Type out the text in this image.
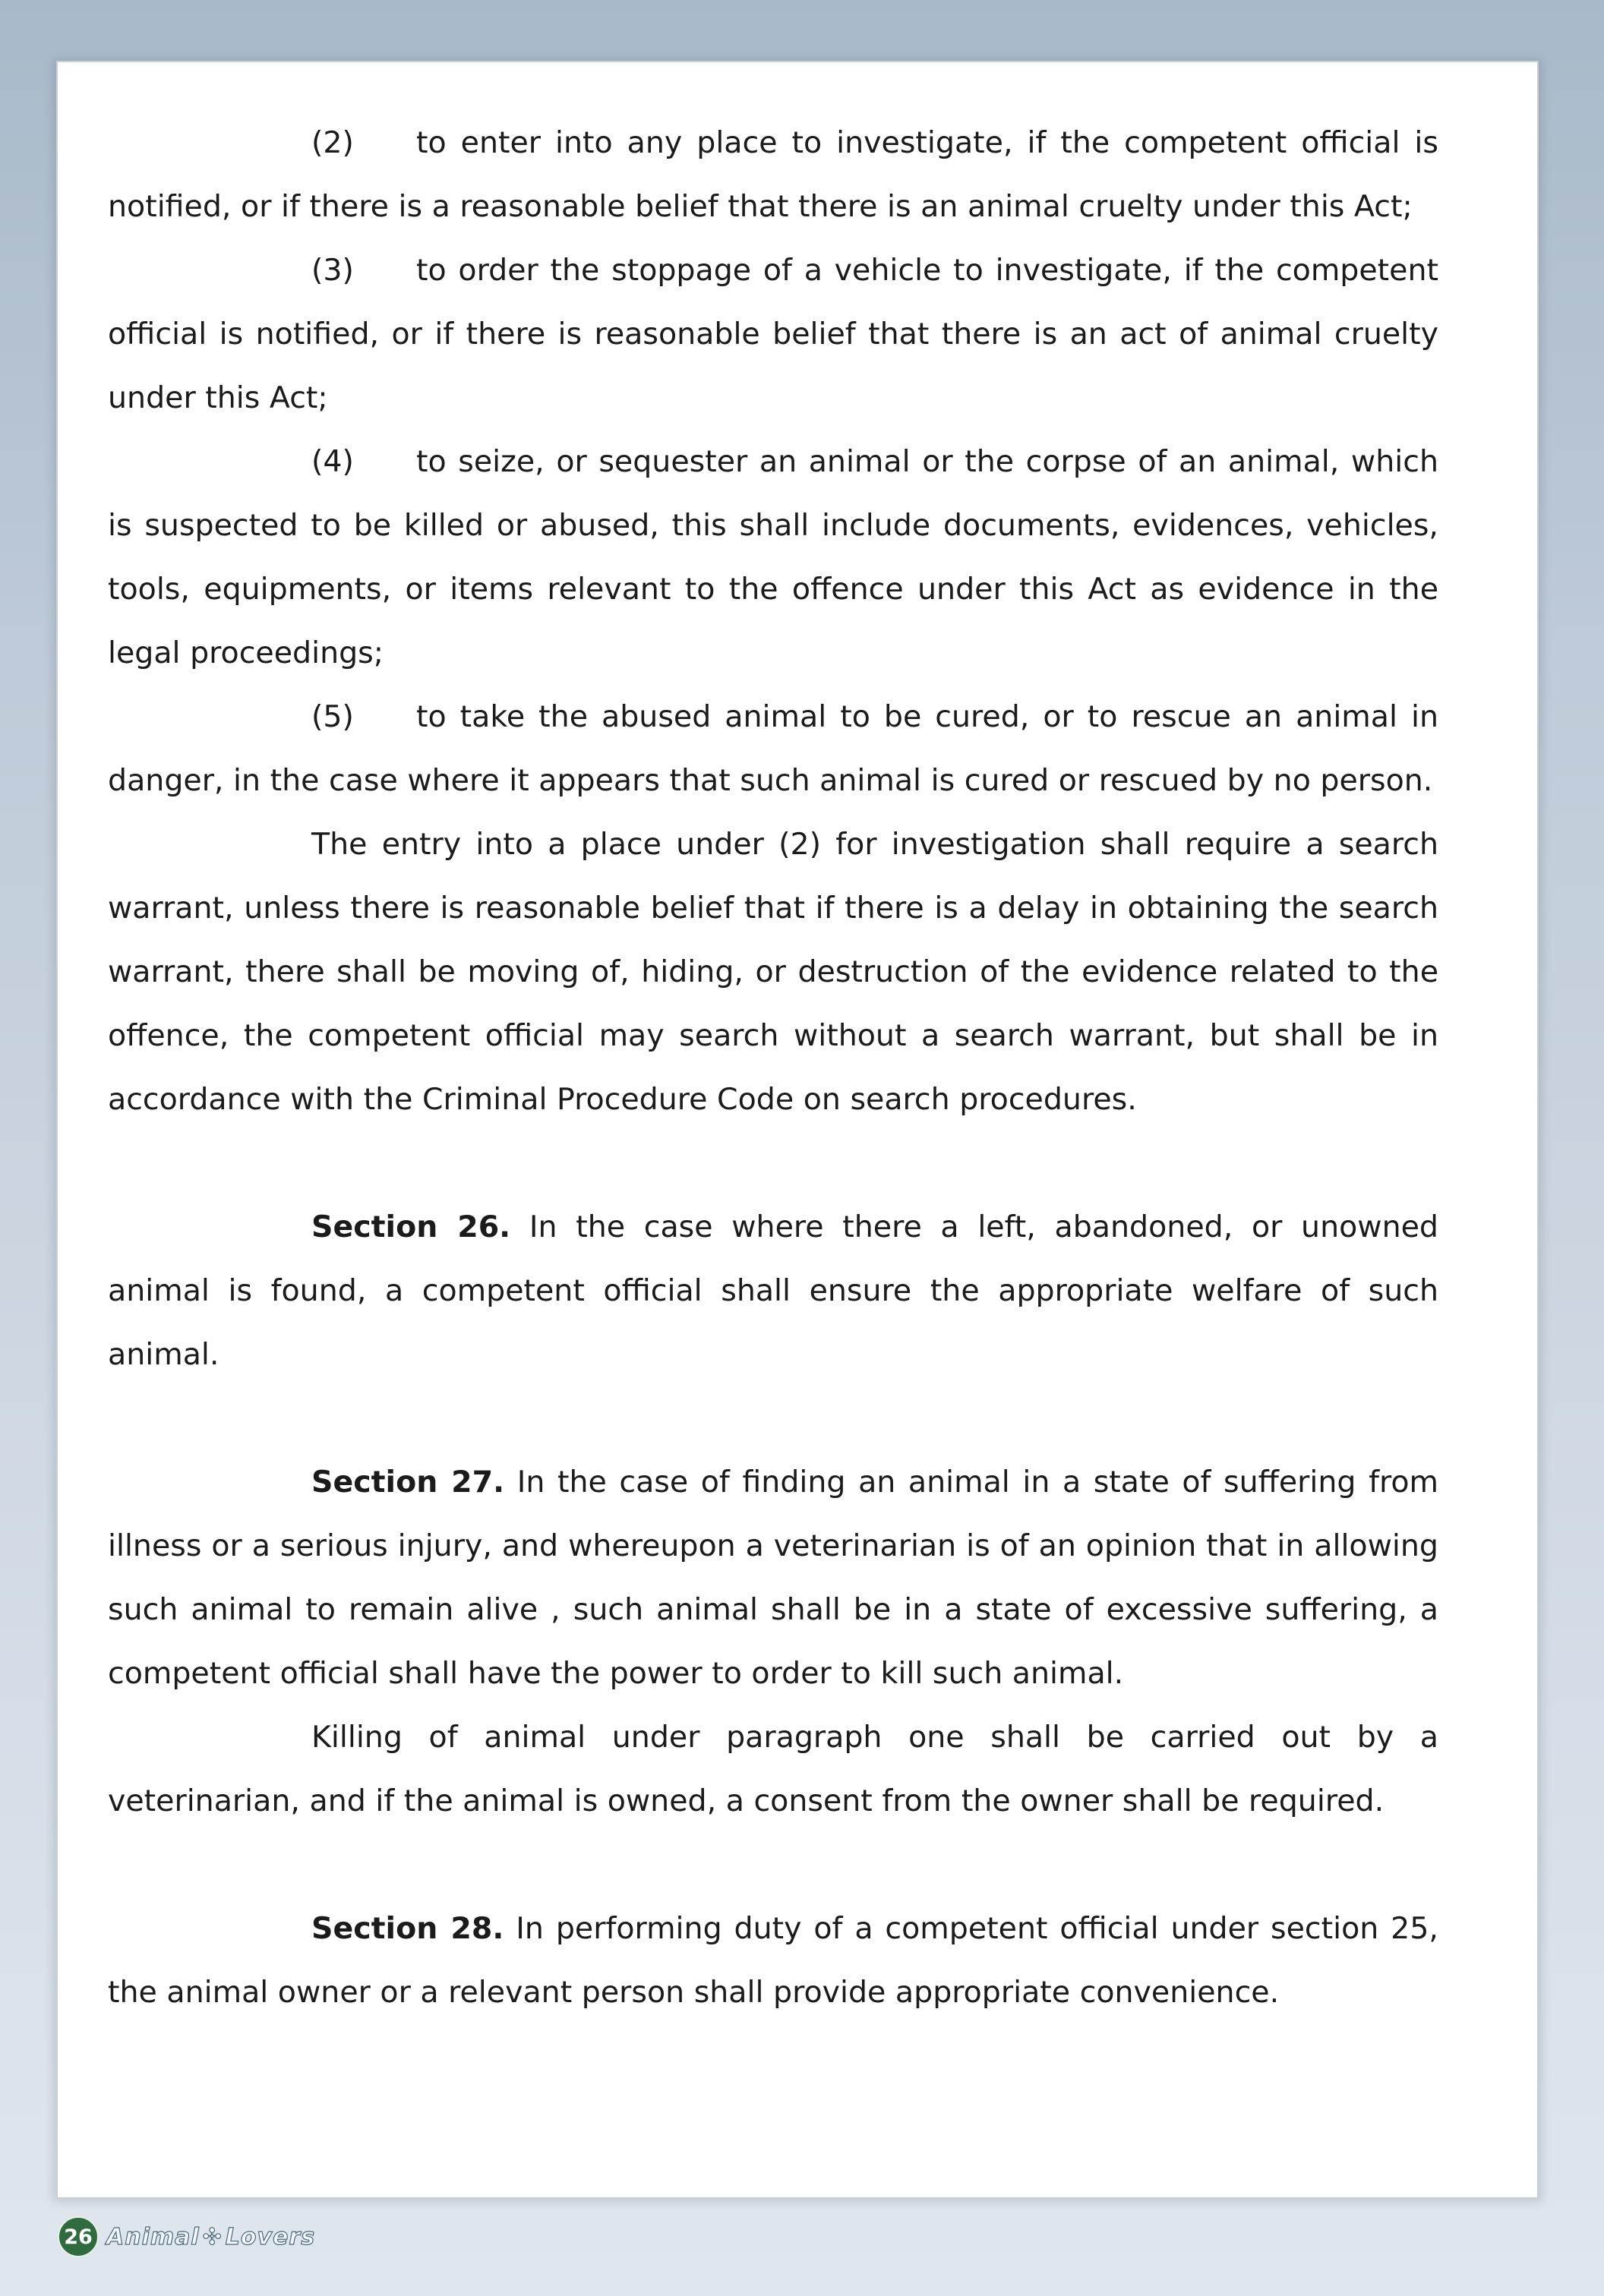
(2) to enter into any place to investigate, if the competent official is notified, or if there is a reasonable belief that there is an animal cruelty under this Act;

(3) to order the stoppage of a vehicle to investigate, if the competent official is notified, or if there is reasonable belief that there is an act of animal cruelty under this Act;

(4) to seize, or sequester an animal or the corpse of an animal, which is suspected to be killed or abused, this shall include documents, evidences, vehicles, tools, equipments, or items relevant to the offence under this Act as evidence in the legal proceedings;

(5) to take the abused animal to be cured, or to rescue an animal in danger, in the case where it appears that such animal is cured or rescued by no person.

The entry into a place under (2) for investigation shall require a search warrant, unless there is reasonable belief that if there is a delay in obtaining the search warrant, there shall be moving of, hiding, or destruction of the evidence related to the offence, the competent official may search without a search warrant, but shall be in accordance with the Criminal Procedure Code on search procedures.

Section 26. In the case where there a left, abandoned, or unowned animal is found, a competent official shall ensure the appropriate welfare of such animal.

Section 27. In the case of finding an animal in a state of suffering from illness or a serious injury, and whereupon a veterinarian is of an opinion that in allowing such animal to remain alive , such animal shall be in a state of excessive suffering, a competent official shall have the power to order to kill such animal.

Killing of animal under paragraph one shall be carried out by a veterinarian, and if the animal is owned, a consent from the owner shall be required.

Section 28. In performing duty of a competent official under section 25, the animal owner or a relevant person shall provide appropriate convenience.

26 Animal ✣ Lovers
